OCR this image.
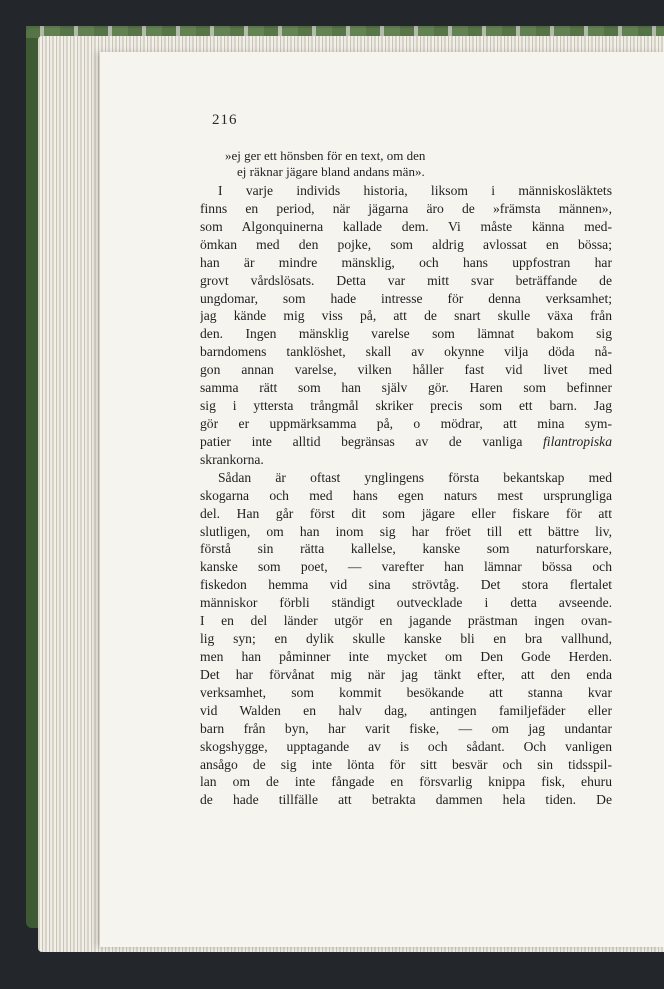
216
»ej ger ett hönsben för en text, om den
ej räknar jägare bland andans män».
I varje individs historia, liksom i människosläktets
finns en period, när jägarna äro de »främsta männen»,
som Algonquinerna kallade dem. Vi måste känna med-
ömkan med den pojke, som aldrig avlossat en bössa;
han är mindre mänsklig, och hans uppfostran har
grovt vårdslösats. Detta var mitt svar beträffande de
ungdomar, som hade intresse för denna verksamhet;
jag kände mig viss på, att de snart skulle växa från
den. Ingen mänsklig varelse som lämnat bakom sig
barndomens tanklöshet, skall av okynne vilja döda nå-
gon annan varelse, vilken håller fast vid livet med
samma rätt som han själv gör. Haren som befinner
sig i yttersta trångmål skriker precis som ett barn. Jag
gör er uppmärksamma på, o mödrar, att mina sym-
patier inte alltid begränsas av de vanliga filantropiska
skrankorna.
Sådan är oftast ynglingens första bekantskap med
skogarna och med hans egen naturs mest ursprungliga
del. Han går först dit som jägare eller fiskare för att
slutligen, om han inom sig har fröet till ett bättre liv,
förstå sin rätta kallelse, kanske som naturforskare,
kanske som poet, — varefter han lämnar bössa och
fiskedon hemma vid sina strövtåg. Det stora flertalet
människor förbli ständigt outvecklade i detta avseende.
I en del länder utgör en jagande prästman ingen ovan-
lig syn; en dylik skulle kanske bli en bra vallhund,
men han påminner inte mycket om Den Gode Herden.
Det har förvånat mig när jag tänkt efter, att den enda
verksamhet, som kommit besökande att stanna kvar
vid Walden en halv dag, antingen familjefäder eller
barn från byn, har varit fiske, — om jag undantar
skogshygge, upptagande av is och sådant. Och vanligen
ansågo de sig inte lönta för sitt besvär och sin tidsspil-
lan om de inte fångade en försvarlig knippa fisk, ehuru
de hade tillfälle att betrakta dammen hela tiden. De
